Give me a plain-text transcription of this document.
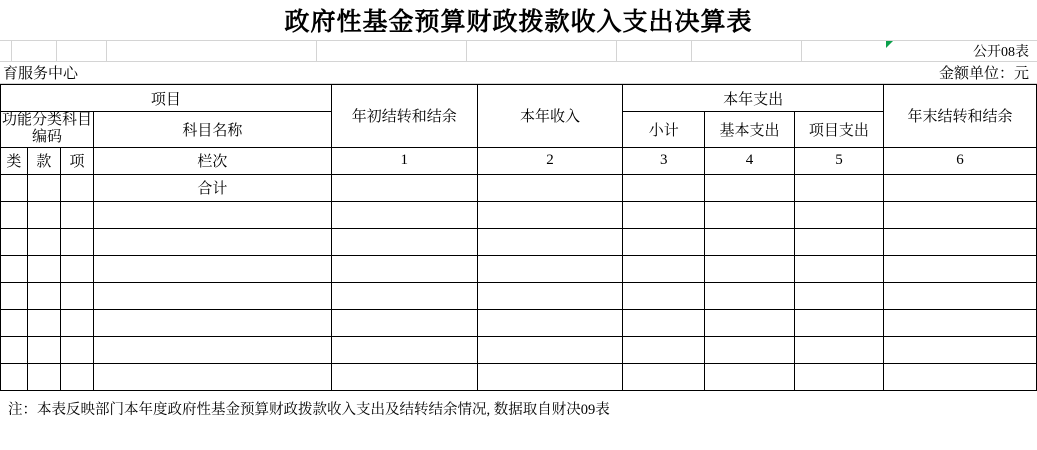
政府性基金预算财政拨款收入支出决算表
公开08表
育服务中心	金额单位：元
项目				年初结转和结余	本年收入	本年支出			年末结转和结余
功能分类科目编码			科目名称			小计	基本支出	项目支出	
类	款	项	栏次	1	2	3	4	5	6
			合计						

注：本表反映部门本年度政府性基金预算财政拨款收入支出及结转结余情况, 数据取自财决09表
